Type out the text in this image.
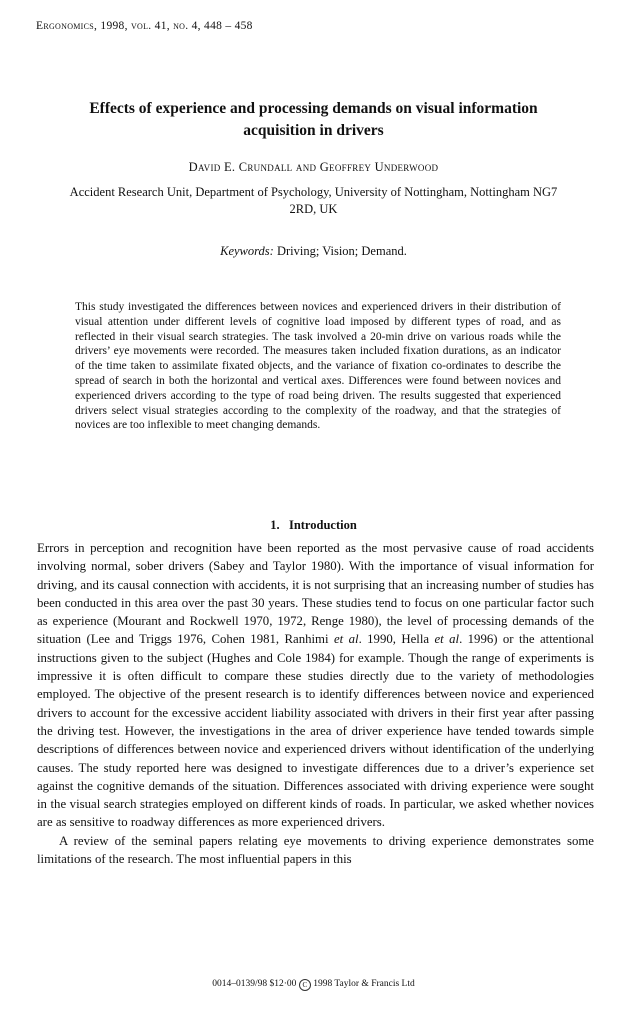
Ergonomics, 1998, vol. 41, no. 4, 448 – 458
Effects of experience and processing demands on visual information acquisition in drivers
David E. Crundall and Geoffrey Underwood
Accident Research Unit, Department of Psychology, University of Nottingham, Nottingham NG7 2RD, UK
Keywords: Driving; Vision; Demand.
This study investigated the differences between novices and experienced drivers in their distribution of visual attention under different levels of cognitive load imposed by different types of road, and as reflected in their visual search strategies. The task involved a 20-min drive on various roads while the drivers’ eye movements were recorded. The measures taken included fixation durations, as an indicator of the time taken to assimilate fixated objects, and the variance of fixation co-ordinates to describe the spread of search in both the horizontal and vertical axes. Differences were found between novices and experienced drivers according to the type of road being driven. The results suggested that experienced drivers select visual strategies according to the complexity of the roadway, and that the strategies of novices are too inflexible to meet changing demands.
1. Introduction

Errors in perception and recognition have been reported as the most pervasive cause of road accidents involving normal, sober drivers (Sabey and Taylor 1980). With the importance of visual information for driving, and its causal connection with accidents, it is not surprising that an increasing number of studies has been conducted in this area over the past 30 years. These studies tend to focus on one particular factor such as experience (Mourant and Rockwell 1970, 1972, Renge 1980), the level of processing demands of the situation (Lee and Triggs 1976, Cohen 1981, Ranhimi et al. 1990, Hella et al. 1996) or the attentional instructions given to the subject (Hughes and Cole 1984) for example. Though the range of experiments is impressive it is often difficult to compare these studies directly due to the variety of methodologies employed. The objective of the present research is to identify differences between novice and experienced drivers to account for the excessive accident liability associated with drivers in their first year after passing the driving test. However, the investigations in the area of driver experience have tended towards simple descriptions of differences between novice and experienced drivers without identification of the underlying causes. The study reported here was designed to investigate differences due to a driver’s experience set against the cognitive demands of the situation. Differences associated with driving experience were sought in the visual search strategies employed on different kinds of roads. In particular, we asked whether novices are as sensitive to roadway differences as more experienced drivers.

A review of the seminal papers relating eye movements to driving experience demonstrates some limitations of the research. The most influential papers in this

0014–0139/98 $12·00 C 1998 Taylor & Francis Ltd
